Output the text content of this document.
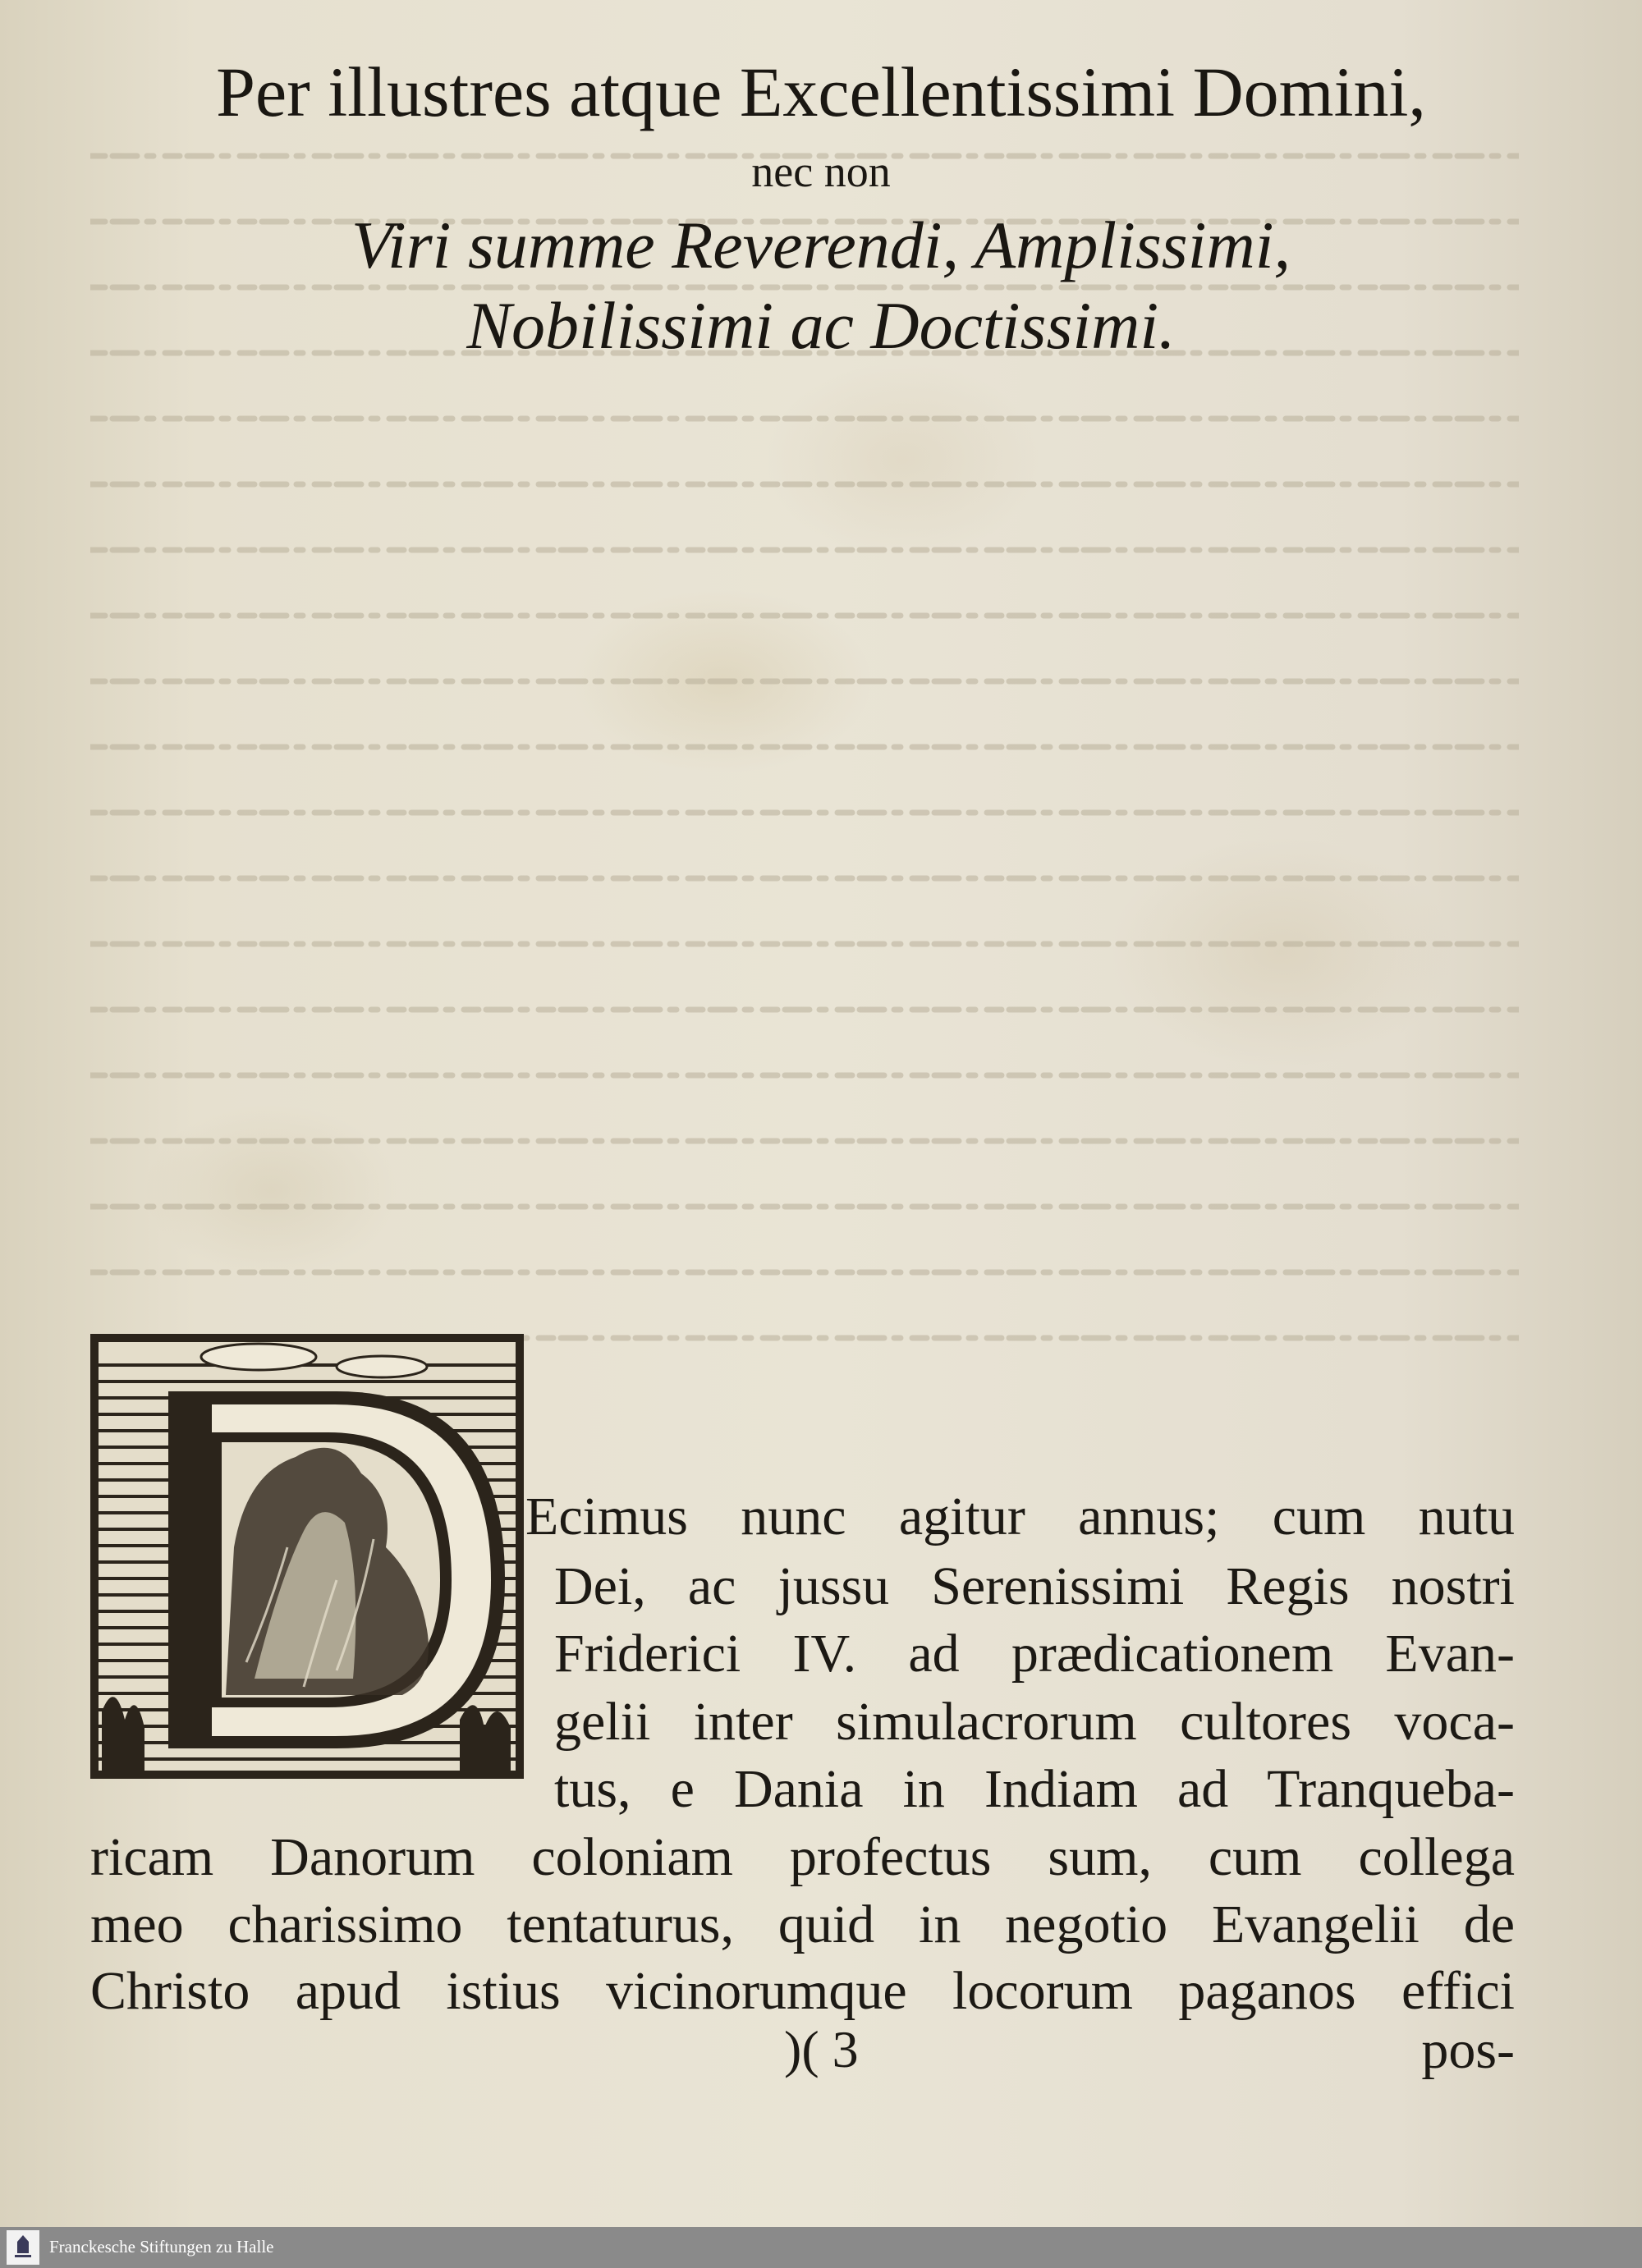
Per illustres atque Excellentissimi Domini,
nec non
Viri summe Reverendi, Amplissimi,
Nobilissimi ac Doctissimi.
Ecimus nunc agitur annus; cum nutu
Dei, ac jussu Serenissimi Regis nostri
Friderici IV. ad prædicationem Evan-
gelii inter simulacrorum cultores voca-
tus, e Dania in Indiam ad Tranqueba-
ricam Danorum coloniam profectus sum, cum collega
meo charissimo tentaturus, quid in negotio Evangelii de
Christo apud istius vicinorumque locorum paganos effici
)( 3	pos-
Franckesche Stiftungen zu Halle
